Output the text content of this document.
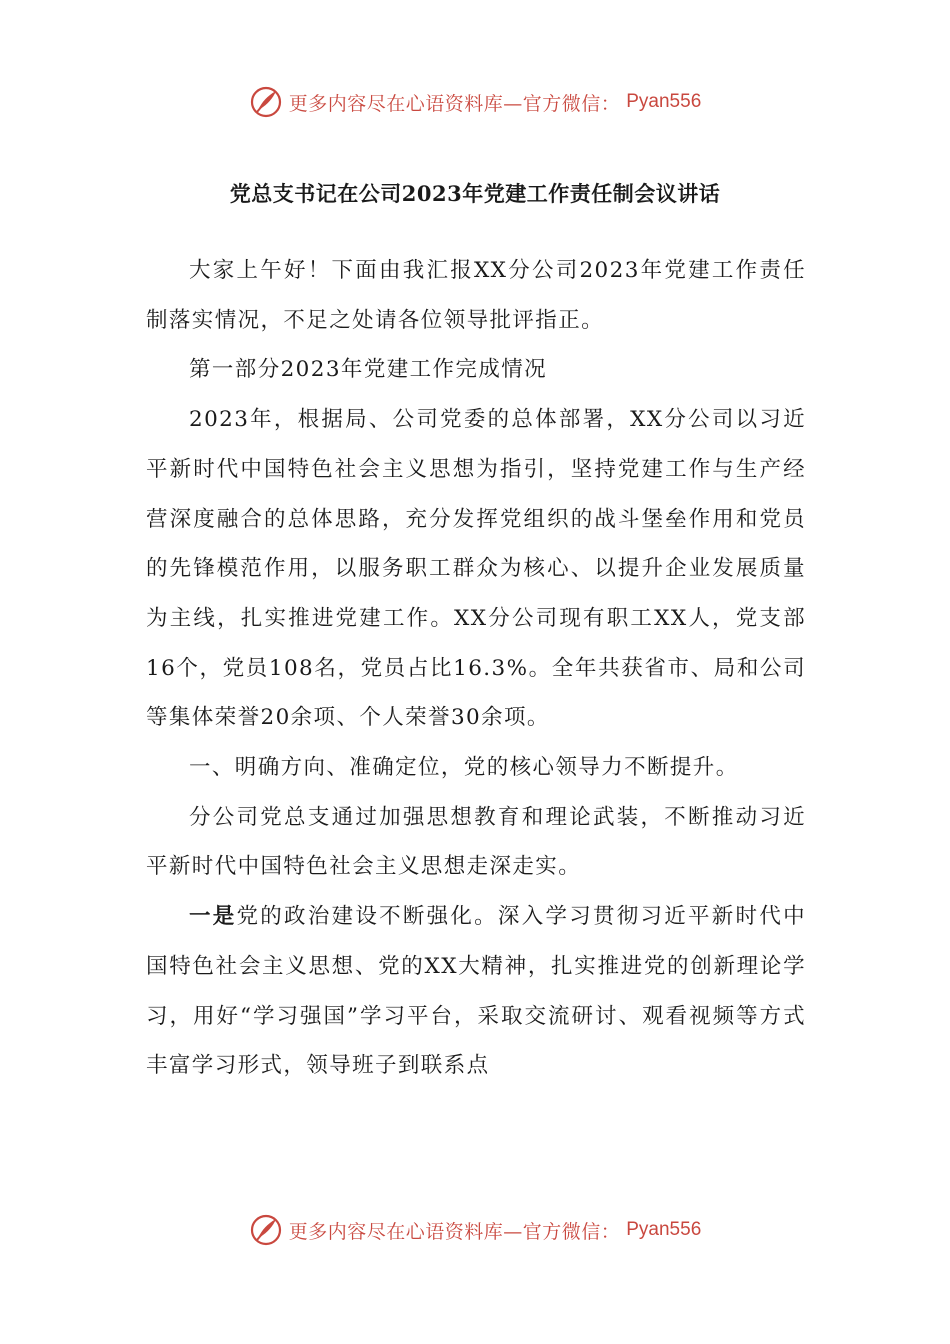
更多内容尽在心语资料库—官方微信： Pyan556
党总支书记在公司2023年党建工作责任制会议讲话

大家上午好！下面由我汇报XX分公司2023年党建工作责任制落实情况，不足之处请各位领导批评指正。

第一部分2023年党建工作完成情况

2023年，根据局、公司党委的总体部署，XX分公司以习近平新时代中国特色社会主义思想为指引，坚持党建工作与生产经营深度融合的总体思路，充分发挥党组织的战斗堡垒作用和党员的先锋模范作用，以服务职工群众为核心、以提升企业发展质量为主线，扎实推进党建工作。XX分公司现有职工XX人，党支部16个，党员108名，党员占比16.3%。全年共获省市、局和公司等集体荣誉20余项、个人荣誉30余项。

一、明确方向、准确定位，党的核心领导力不断提升。

分公司党总支通过加强思想教育和理论武装，不断推动习近平新时代中国特色社会主义思想走深走实。

一是党的政治建设不断强化。深入学习贯彻习近平新时代中国特色社会主义思想、党的XX大精神，扎实推进党的创新理论学习，用好“学习强国”学习平台，采取交流研讨、观看视频等方式丰富学习形式，领导班子到联系点

更多内容尽在心语资料库—官方微信： Pyan556
